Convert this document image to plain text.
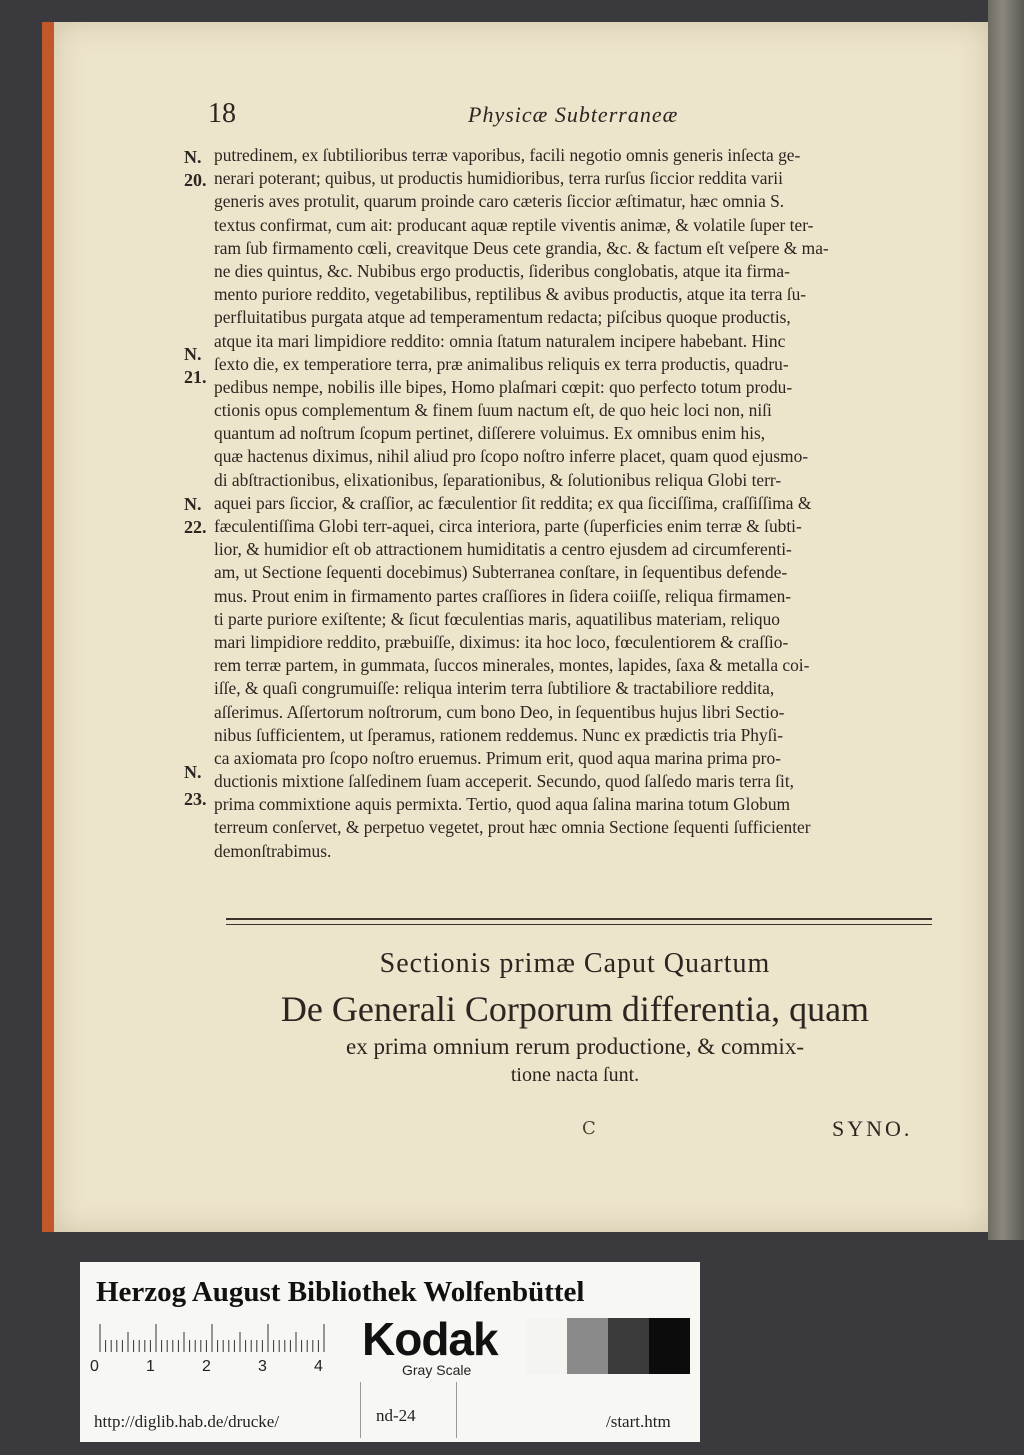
18	Physicæ Subterraneæ
N.
20.
N.
21.
N.
22.
N.
23.
putredinem, ex ſubtilioribus terræ vaporibus, facili negotio omnis generis inſecta ge-
nerari poterant; quibus, ut productis humidioribus, terra rurſus ſiccior reddita varii
generis aves protulit, quarum proinde caro cæteris ſiccior æſtimatur, hæc omnia S.
textus confirmat, cum ait: producant aquæ reptile viventis animæ, & volatile ſuper ter-
ram ſub firmamento cœli, creavitque Deus cete grandia, &c. & factum eſt veſpere & ma-
ne dies quintus, &c. Nubibus ergo productis, ſideribus conglobatis, atque ita firma-
mento puriore reddito, vegetabilibus, reptilibus & avibus productis, atque ita terra ſu-
perfluitatibus purgata atque ad temperamentum redacta; piſcibus quoque productis,
atque ita mari limpidiore reddito: omnia ſtatum naturalem incipere habebant. Hinc
ſexto die, ex temperatiore terra, præ animalibus reliquis ex terra productis, quadru-
pedibus nempe, nobilis ille bipes, Homo plaſmari cœpit: quo perfecto totum produ-
ctionis opus complementum & finem ſuum nactum eſt, de quo heic loci non, niſi
quantum ad noſtrum ſcopum pertinet, diſſerere voluimus. Ex omnibus enim his,
quæ hactenus diximus, nihil aliud pro ſcopo noſtro inferre placet, quam quod ejusmo-
di abſtractionibus, elixationibus, ſeparationibus, & ſolutionibus reliqua Globi terr-
aquei pars ſiccior, & craſſior, ac fæculentior ſit reddita; ex qua ſicciſſima, craſſiſſima &
fæculentiſſima Globi terr-aquei, circa interiora, parte (ſuperficies enim terræ & ſubti-
lior, & humidior eſt ob attractionem humiditatis a centro ejusdem ad circumferenti-
am, ut Sectione ſequenti docebimus) Subterranea conſtare, in ſequentibus defende-
mus. Prout enim in firmamento partes craſſiores in ſidera coiiſſe, reliqua firmamen-
ti parte puriore exiſtente; & ſicut fœculentias maris, aquatilibus materiam, reliquo
mari limpidiore reddito, præbuiſſe, diximus: ita hoc loco, fœculentiorem & craſſio-
rem terræ partem, in gummata, ſuccos minerales, montes, lapides, ſaxa & metalla coi-
iſſe, & quaſi congrumuiſſe: reliqua interim terra ſubtiliore & tractabiliore reddita,
aſſerimus. Aſſertorum noſtrorum, cum bono Deo, in ſequentibus hujus libri Sectio-
nibus ſufficientem, ut ſperamus, rationem reddemus. Nunc ex prædictis tria Phyſi-
ca axiomata pro ſcopo noſtro eruemus. Primum erit, quod aqua marina prima pro-
ductionis mixtione ſalſedinem ſuam acceperit. Secundo, quod ſalſedo maris terra ſit,
prima commixtione aquis permixta. Tertio, quod aqua ſalina marina totum Globum
terreum conſervet, & perpetuo vegetet, prout hæc omnia Sectione ſequenti ſufficienter
demonſtrabimus.
Sectionis primæ Caput Quartum
De Generali Corporum differentia, quam
ex prima omnium rerum productione, & commix-
tione nacta ſunt.
C	SYNO.
Herzog August Bibliothek Wolfenbüttel
0	1	2	3	4
Kodak
Gray Scale
http://diglib.hab.de/drucke/	nd-24	/start.htm
